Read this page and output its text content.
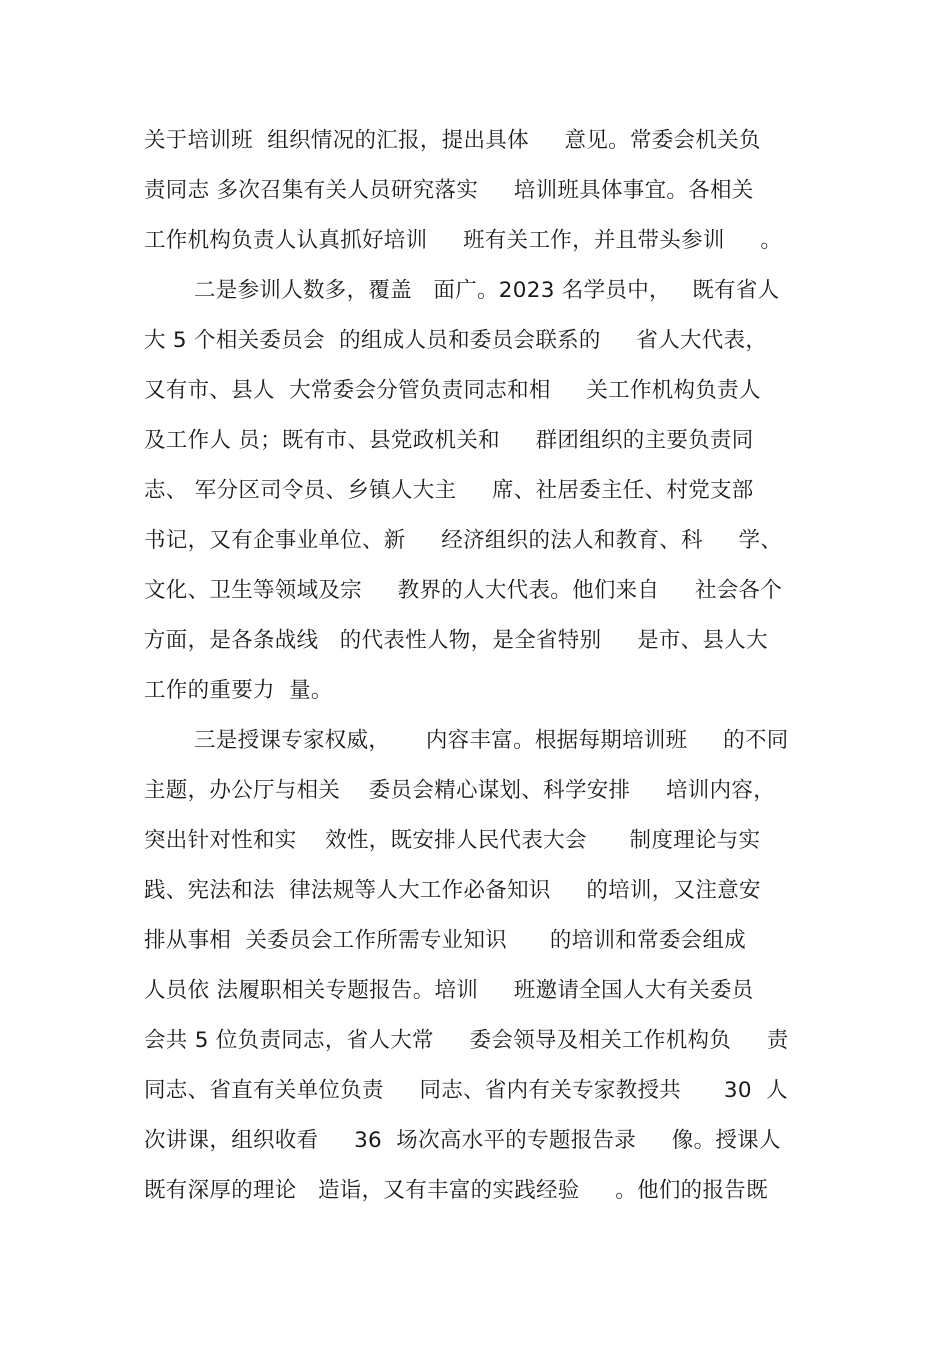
关于培训班  组织情况的汇报，提出具体     意见。常委会机关负
责同志 多次召集有关人员研究落实     培训班具体事宜。各相关
工作机构负责人认真抓好培训     班有关工作，并且带头参训     。
二是参训人数多，覆盖   面广。2023 名学员中，   既有省人
大 5 个相关委员会  的组成人员和委员会联系的     省人大代表，
又有市、县人  大常委会分管负责同志和相     关工作机构负责人
及工作人 员；既有市、县党政机关和     群团组织的主要负责同
志、 军分区司令员、乡镇人大主     席、社居委主任、村党支部
书记，又有企事业单位、新     经济组织的法人和教育、科     学、
文化、卫生等领域及宗     教界的人大代表。他们来自     社会各个
方面，是各条战线   的代表性人物，是全省特别     是市、县人大
工作的重要力  量。
三是授课专家权威，     内容丰富。根据每期培训班     的不同
主题，办公厅与相关    委员会精心谋划、科学安排     培训内容，
突出针对性和实    效性，既安排人民代表大会      制度理论与实
践、宪法和法  律法规等人大工作必备知识     的培训，又注意安
排从事相  关委员会工作所需专业知识      的培训和常委会组成
人员依 法履职相关专题报告。培训     班邀请全国人大有关委员
会共 5 位负责同志，省人大常     委会领导及相关工作机构负     责
同志、省直有关单位负责     同志、省内有关专家教授共      30  人
次讲课，组织收看     36  场次高水平的专题报告录     像。授课人
既有深厚的理论   造诣，又有丰富的实践经验     。他们的报告既
